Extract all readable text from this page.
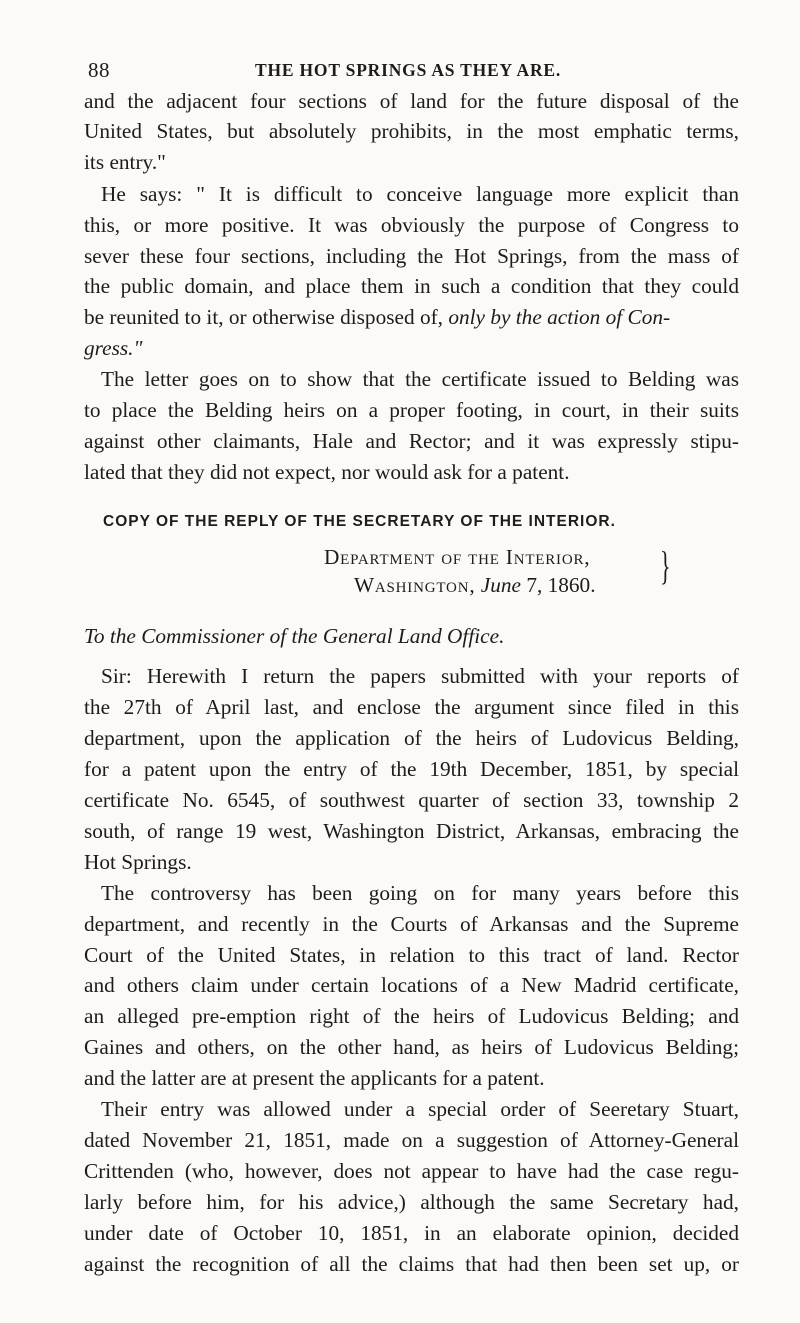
88	THE HOT SPRINGS AS THEY ARE.
and the adjacent four sections of land for the future disposal of the
United States, but absolutely prohibits, in the most emphatic terms,
its entry."
He says: " It is difficult to conceive language more explicit than
this, or more positive. It was obviously the purpose of Congress to
sever these four sections, including the Hot Springs, from the mass of
the public domain, and place them in such a condition that they could
be reunited to it, or otherwise disposed of, only by the action of Con-
gress."
The letter goes on to show that the certificate issued to Belding was
to place the Belding heirs on a proper footing, in court, in their suits
against other claimants, Hale and Rector; and it was expressly stipu-
lated that they did not expect, nor would ask for a patent.
COPY OF THE REPLY OF THE SECRETARY OF THE INTERIOR.
Department of the Interior,
Washington, June 7, 1860. }
To the Commissioner of the General Land Office.
Sir: Herewith I return the papers submitted with your reports of
the 27th of April last, and enclose the argument since filed in this
department, upon the application of the heirs of Ludovicus Belding,
for a patent upon the entry of the 19th December, 1851, by special
certificate No. 6545, of southwest quarter of section 33, township 2
south, of range 19 west, Washington District, Arkansas, embracing the
Hot Springs.
The controversy has been going on for many years before this
department, and recently in the Courts of Arkansas and the Supreme
Court of the United States, in relation to this tract of land. Rector
and others claim under certain locations of a New Madrid certificate,
an alleged pre-emption right of the heirs of Ludovicus Belding; and
Gaines and others, on the other hand, as heirs of Ludovicus Belding;
and the latter are at present the applicants for a patent.
Their entry was allowed under a special order of Seeretary Stuart,
dated November 21, 1851, made on a suggestion of Attorney-General
Crittenden (who, however, does not appear to have had the case regu-
larly before him, for his advice,) although the same Secretary had,
under date of October 10, 1851, in an elaborate opinion, decided
against the recognition of all the claims that had then been set up, or
